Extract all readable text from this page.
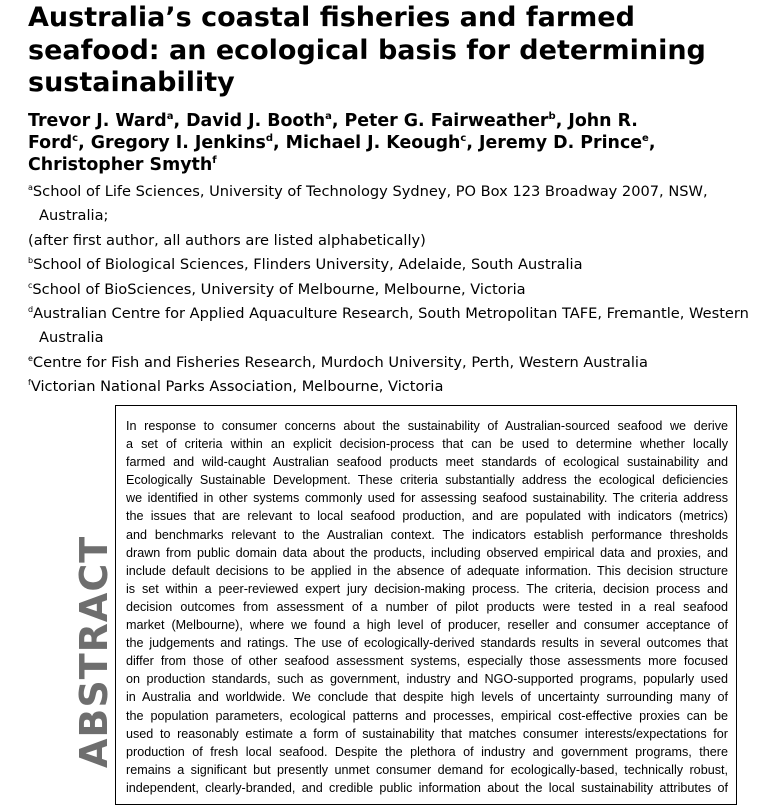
Australia’s coastal fisheries and farmed
seafood: an ecological basis for determining
sustainability
Trevor J. Ward$^a$, David J. Booth$^a$, Peter G. Fairweather$^b$, John R.
Ford$^c$, Gregory I. Jenkins$^d$, Michael J. Keough$^c$, Jeremy D. Prince$^e$,
Christopher Smyth$^f$
$^a$School of Life Sciences, University of Technology Sydney, PO Box 123 Broadway 2007, NSW,
Australia;
(after first author, all authors are listed alphabetically)
$^b$School of Biological Sciences, Flinders University, Adelaide, South Australia
$^c$School of BioSciences, University of Melbourne, Melbourne, Victoria
$^d$Australian Centre for Applied Aquaculture Research, South Metropolitan TAFE, Fremantle, Western
Australia
$^e$Centre for Fish and Fisheries Research, Murdoch University, Perth, Western Australia
$^f$Victorian National Parks Association, Melbourne, Victoria
ABSTRACT
In response to consumer concerns about the sustainability of Australian-sourced seafood we derive
a set of criteria within an explicit decision-process that can be used to determine whether locally
farmed and wild-caught Australian seafood products meet standards of ecological sustainability and
Ecologically Sustainable Development. These criteria substantially address the ecological deficiencies
we identified in other systems commonly used for assessing seafood sustainability. The criteria address
the issues that are relevant to local seafood production, and are populated with indicators (metrics)
and benchmarks relevant to the Australian context. The indicators establish performance thresholds
drawn from public domain data about the products, including observed empirical data and proxies, and
include default decisions to be applied in the absence of adequate information. This decision structure
is set within a peer-reviewed expert jury decision-making process. The criteria, decision process and
decision outcomes from assessment of a number of pilot products were tested in a real seafood
market (Melbourne), where we found a high level of producer, reseller and consumer acceptance of
the judgements and ratings. The use of ecologically-derived standards results in several outcomes that
differ from those of other seafood assessment systems, especially those assessments more focused
on production standards, such as government, industry and NGO-supported programs, popularly used
in Australia and worldwide. We conclude that despite high levels of uncertainty surrounding many of
the population parameters, ecological patterns and processes, empirical cost-effective proxies can be
used to reasonably estimate a form of sustainability that matches consumer interests/expectations for
production of fresh local seafood. Despite the plethora of industry and government programs, there
remains a significant but presently unmet consumer demand for ecologically-based, technically robust,
independent, clearly-branded, and credible public information about the local sustainability attributes of
